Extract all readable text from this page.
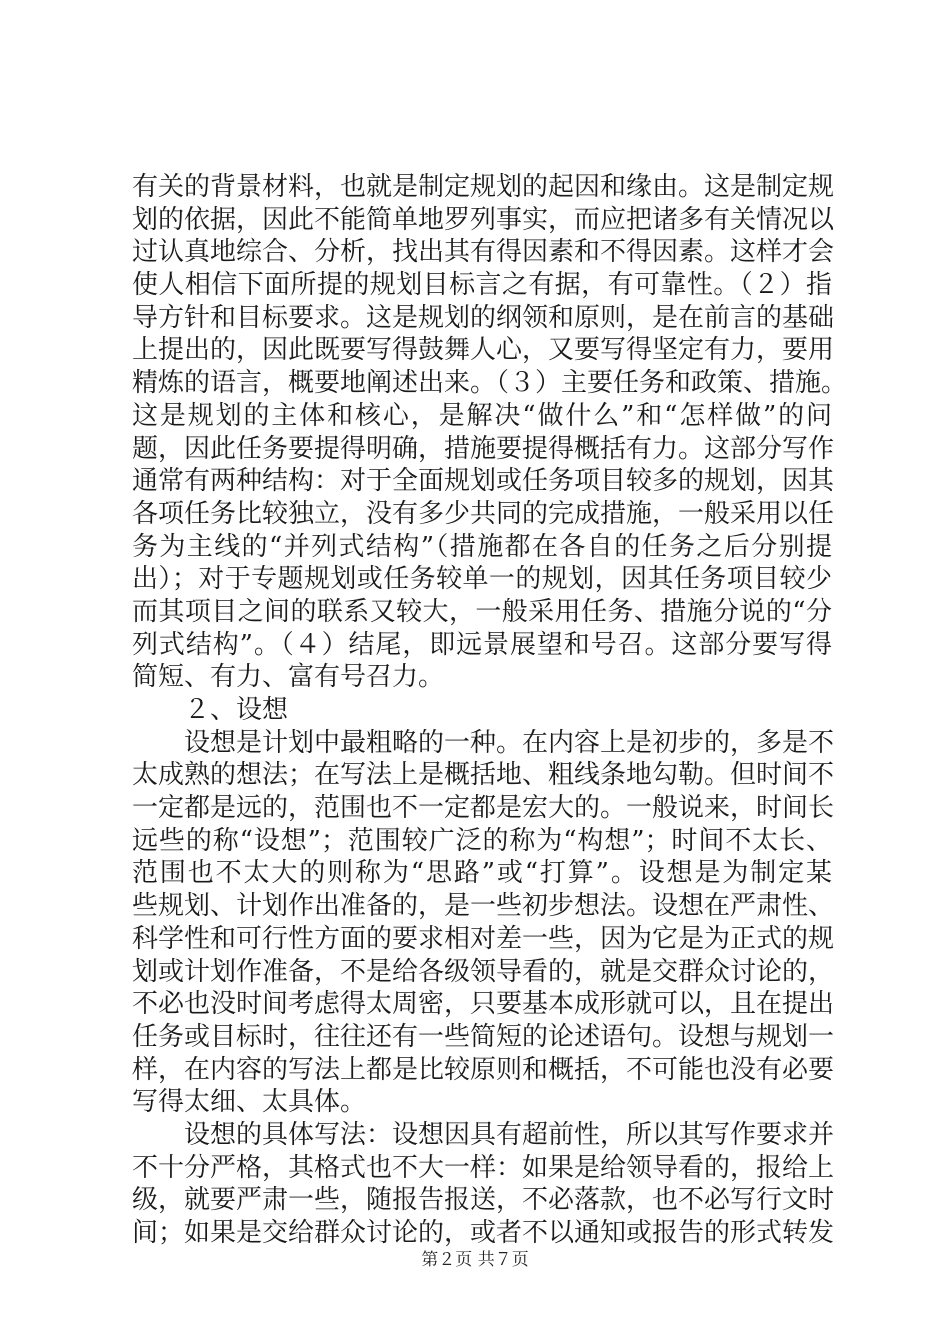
有关的背景材料，也就是制定规划的起因和缘由。这是制定规
划的依据，因此不能简单地罗列事实，而应把诸多有关情况以
过认真地综合、分析，找出其有得因素和不得因素。这样才会
使人相信下面所提的规划目标言之有据，有可靠性。（２）指
导方针和目标要求。这是规划的纲领和原则，是在前言的基础
上提出的，因此既要写得鼓舞人心，又要写得坚定有力，要用
精炼的语言，概要地阐述出来。（３）主要任务和政策、措施。
这是规划的主体和核心，是解决“做什么”和“怎样做”的问
题，因此任务要提得明确，措施要提得概括有力。这部分写作
通常有两种结构：对于全面规划或任务项目较多的规划，因其
各项任务比较独立，没有多少共同的完成措施，一般采用以任
务为主线的“并列式结构”（措施都在各自的任务之后分别提
出）；对于专题规划或任务较单一的规划，因其任务项目较少
而其项目之间的联系又较大，一般采用任务、措施分说的“分
列式结构”。（４）结尾，即远景展望和号召。这部分要写得
简短、有力、富有号召力。
２、设想
设想是计划中最粗略的一种。在内容上是初步的，多是不
太成熟的想法；在写法上是概括地、粗线条地勾勒。但时间不
一定都是远的，范围也不一定都是宏大的。一般说来，时间长
远些的称“设想”；范围较广泛的称为“构想”；时间不太长、
范围也不太大的则称为“思路”或“打算”。设想是为制定某
些规划、计划作出准备的，是一些初步想法。设想在严肃性、
科学性和可行性方面的要求相对差一些，因为它是为正式的规
划或计划作准备，不是给各级领导看的，就是交群众讨论的，
不必也没时间考虑得太周密，只要基本成形就可以，且在提出
任务或目标时，往往还有一些简短的论述语句。设想与规划一
样，在内容的写法上都是比较原则和概括，不可能也没有必要
写得太细、太具体。
设想的具体写法：设想因具有超前性，所以其写作要求并
不十分严格，其格式也不大一样：如果是给领导看的，报给上
级，就要严肃一些，随报告报送，不必落款，也不必写行文时
间；如果是交给群众讨论的，或者不以通知或报告的形式转发
第２页 共７页
